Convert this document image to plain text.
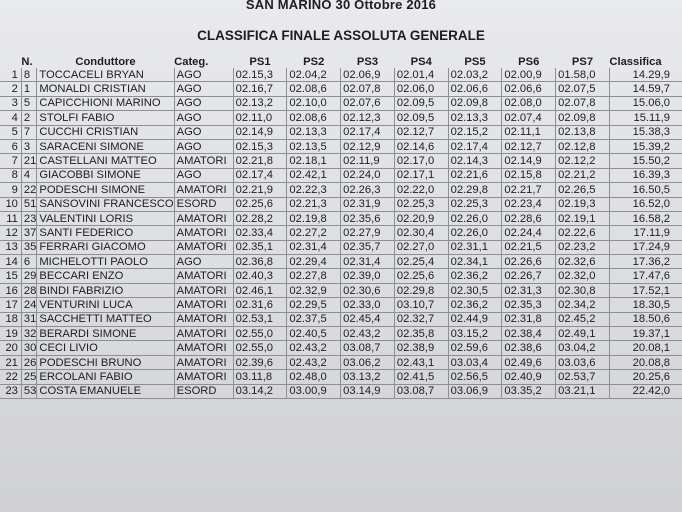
SAN MARINO 30 Ottobre 2016
CLASSIFICA FINALE ASSOLUTA GENERALE
	N.	Conduttore	Categ.	PS1	PS2	PS3	PS4	PS5	PS6	PS7	Classifica
1	8	TOCCACELI BRYAN	AGO	02.15,3	02.04,2	02.06,9	02.01,4	02.03,2	02.00,9	01.58,0	14.29,9
2	1	MONALDI CRISTIAN	AGO	02.16,7	02.08,6	02.07,8	02.06,0	02.06,6	02.06,6	02.07,5	14.59,7
3	5	CAPICCHIONI MARINO	AGO	02.13,2	02.10,0	02.07,6	02.09,5	02.09,8	02.08,0	02.07,8	15.06,0
4	2	STOLFI FABIO	AGO	02.11,0	02.08,6	02.12,3	02.09,5	02.13,3	02.07,4	02.09,8	15.11,9
5	7	CUCCHI CRISTIAN	AGO	02.14,9	02.13,3	02.17,4	02.12,7	02.15,2	02.11,1	02.13,8	15.38,3
6	3	SARACENI SIMONE	AGO	02.15,3	02.13,5	02.12,9	02.14,6	02.17,4	02.12,7	02.12,8	15.39,2
7	21	CASTELLANI MATTEO	AMATORI	02.21,8	02.18,1	02.11,9	02.17,0	02.14,3	02.14,9	02.12,2	15.50,2
8	4	GIACOBBI SIMONE	AGO	02.17,4	02.42,1	02.24,0	02.17,1	02.21,6	02.15,8	02.21,2	16.39,3
9	22	PODESCHI SIMONE	AMATORI	02.21,9	02.22,3	02.26,3	02.22,0	02.29,8	02.21,7	02.26,5	16.50,5
10	51	SANSOVINI FRANCESCO	ESORD	02.25,6	02.21,3	02.31,9	02.25,3	02.25,3	02.23,4	02.19,3	16.52,0
11	23	VALENTINI LORIS	AMATORI	02.28,2	02.19,8	02.35,6	02.20,9	02.26,0	02.28,6	02.19,1	16.58,2
12	37	SANTI FEDERICO	AMATORI	02.33,4	02.27,2	02.27,9	02.30,4	02.26,0	02.24,4	02.22,6	17.11,9
13	35	FERRARI GIACOMO	AMATORI	02.35,1	02.31,4	02.35,7	02.27,0	02.31,1	02.21,5	02.23,2	17.24,9
14	6	MICHELOTTI PAOLO	AGO	02.36,8	02.29,4	02.31,4	02.25,4	02.34,1	02.26,6	02.32,6	17.36,2
15	29	BECCARI ENZO	AMATORI	02.40,3	02.27,8	02.39,0	02.25,6	02.36,2	02.26,7	02.32,0	17.47,6
16	28	BINDI FABRIZIO	AMATORI	02.46,1	02.32,9	02.30,6	02.29,8	02.30,5	02.31,3	02.30,8	17.52,1
17	24	VENTURINI LUCA	AMATORI	02.31,6	02.29,5	02.33,0	03.10,7	02.36,2	02.35,3	02.34,2	18.30,5
18	31	SACCHETTI MATTEO	AMATORI	02.53,1	02.37,5	02.45,4	02.32,7	02.44,9	02.31,8	02.45,2	18.50,6
19	32	BERARDI SIMONE	AMATORI	02.55,0	02.40,5	02.43,2	02.35,8	03.15,2	02.38,4	02.49,1	19.37,1
20	30	CECI LIVIO	AMATORI	02.55,0	02.43,2	03.08,7	02.38,9	02.59,6	02.38,6	03.04,2	20.08,1
21	26	PODESCHI BRUNO	AMATORI	02.39,6	02.43,2	03.06,2	02.43,1	03.03,4	02.49,6	03.03,6	20.08,8
22	25	ERCOLANI FABIO	AMATORI	03.11,8	02.48,0	03.13,2	02.41,5	02.56,5	02.40,9	02.53,7	20.25,6
23	53	COSTA EMANUELE	ESORD	03.14,2	03.00,9	03.14,9	03.08,7	03.06,9	03.35,2	03.21,1	22.42,0
